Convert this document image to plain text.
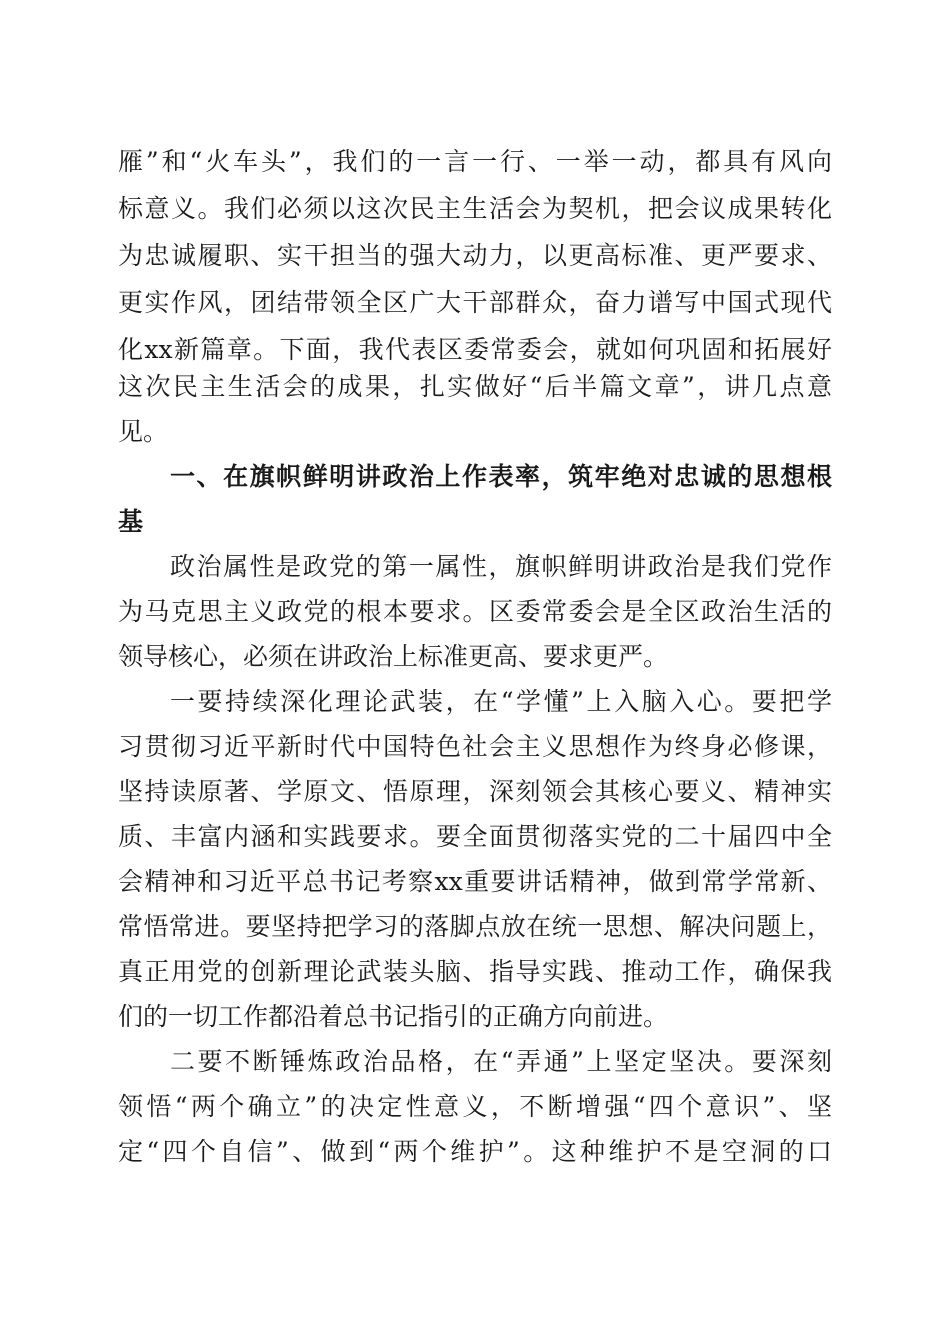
雁”和“火车头”，我们的一言一行、一举一动，都具有风向
标意义。我们必须以这次民主生活会为契机，把会议成果转化
为忠诚履职、实干担当的强大动力，以更高标准、更严要求、
更实作风，团结带领全区广大干部群众，奋力谱写中国式现代
化xx新篇章。下面，我代表区委常委会，就如何巩固和拓展好
这次民主生活会的成果，扎实做好“后半篇文章”，讲几点意
见。
一、在旗帜鲜明讲政治上作表率，筑牢绝对忠诚的思想根
基
政治属性是政党的第一属性，旗帜鲜明讲政治是我们党作
为马克思主义政党的根本要求。区委常委会是全区政治生活的
领导核心，必须在讲政治上标准更高、要求更严。
一要持续深化理论武装，在“学懂”上入脑入心。要把学
习贯彻习近平新时代中国特色社会主义思想作为终身必修课，
坚持读原著、学原文、悟原理，深刻领会其核心要义、精神实
质、丰富内涵和实践要求。要全面贯彻落实党的二十届四中全
会精神和习近平总书记考察xx重要讲话精神，做到常学常新、
常悟常进。要坚持把学习的落脚点放在统一思想、解决问题上，
真正用党的创新理论武装头脑、指导实践、推动工作，确保我
们的一切工作都沿着总书记指引的正确方向前进。
二要不断锤炼政治品格，在“弄通”上坚定坚决。要深刻
领悟“两个确立”的决定性意义，不断增强“四个意识”、坚
定“四个自信”、做到“两个维护”。这种维护不是空洞的口
